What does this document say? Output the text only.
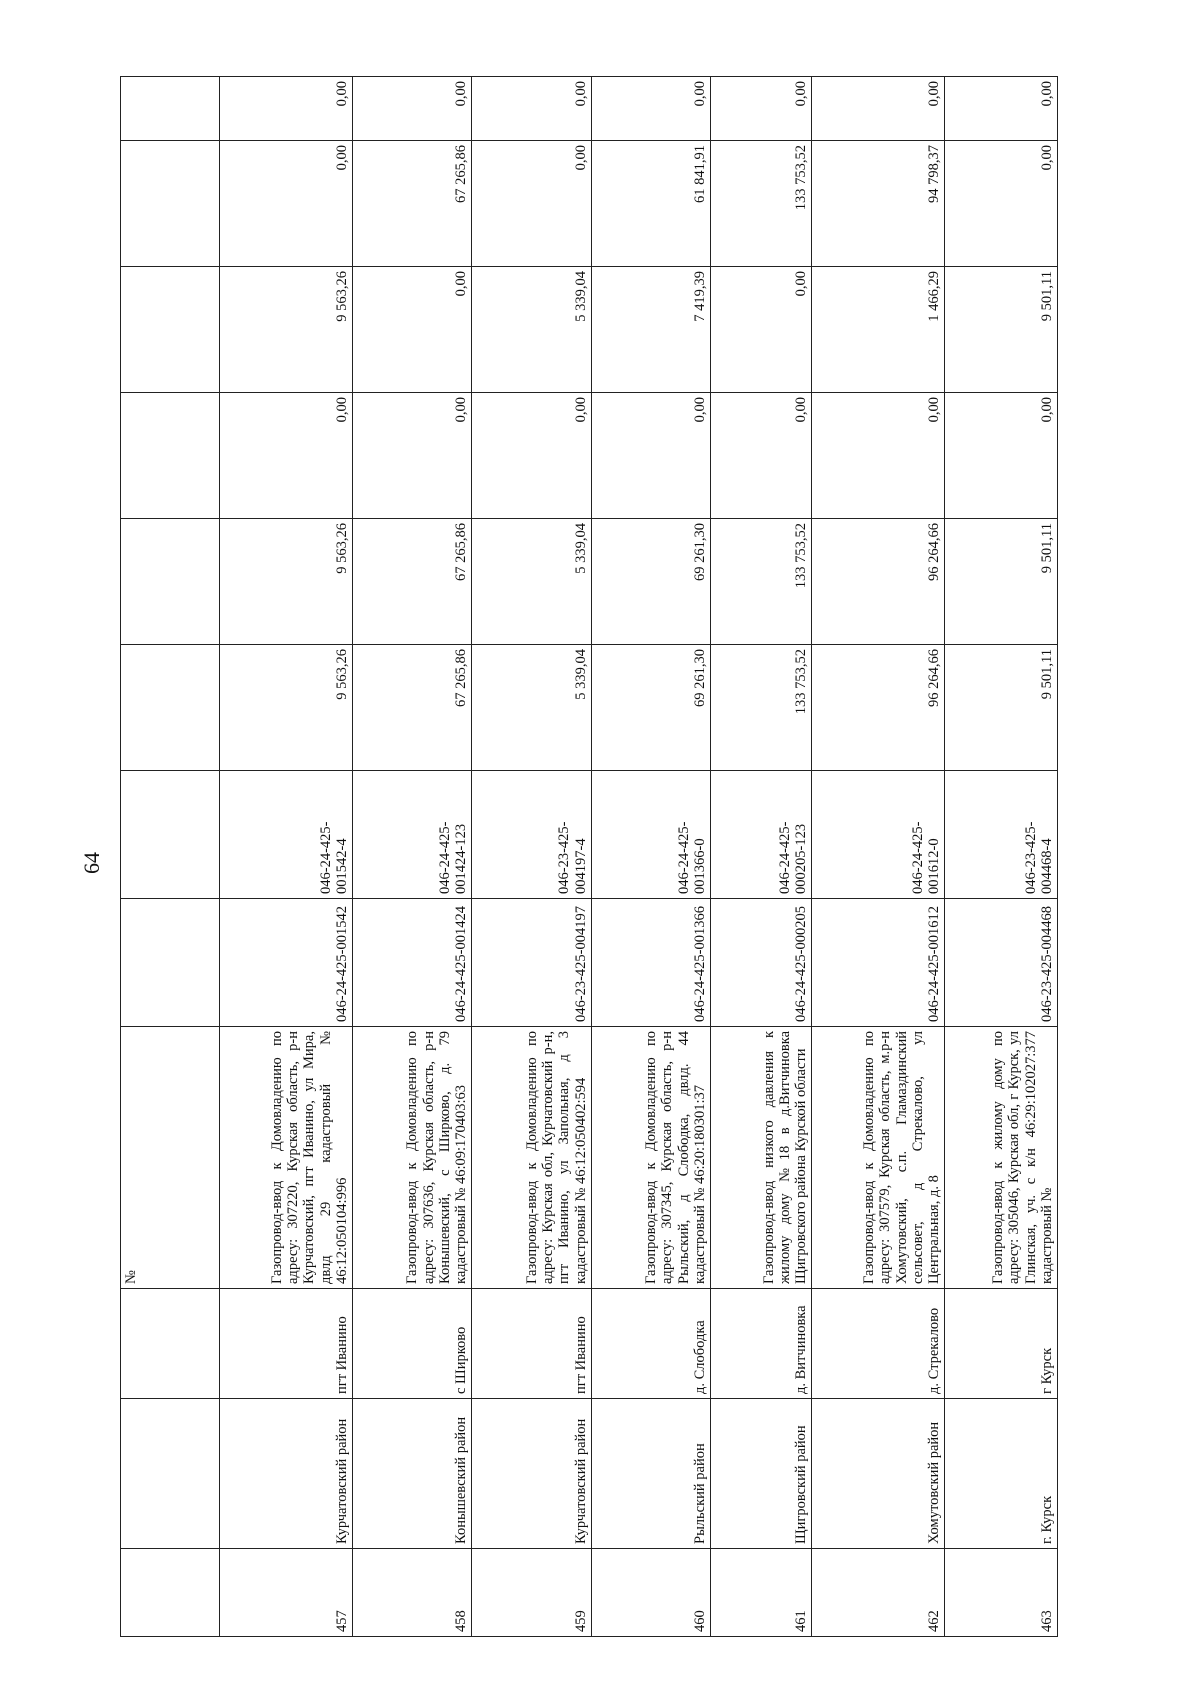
64
			№								
457	Курчатовский район	пгт Иванино	Газопровод-ввод к Домовладению по адресу: 307220, Курская область, р-н Курчатовский, пгт Иванино, ул Мира, двлд 29 кадастровый № 46:12:050104:996	046-24-425-001542	046-24-425-001542-4	9 563,26	9 563,26	0,00	9 563,26	0,00	0,00
458	Конышевский район	с Ширково	Газопровод-ввод к Домовладению по адресу: 307636, Курская область, р-н Конышевский, с Ширково, д. 79 кадастровый № 46:09:170403:63	046-24-425-001424	046-24-425-001424-123	67 265,86	67 265,86	0,00	0,00	67 265,86	0,00
459	Курчатовский район	пгт Иванино	Газопровод-ввод к Домовладению по адресу: Курская обл, Курчатовский р-н, пгт Иванино, ул Запольная, д 3 кадастровый № 46:12:050402:594	046-23-425-004197	046-23-425-004197-4	5 339,04	5 339,04	0,00	5 339,04	0,00	0,00
460	Рыльский район	д. Слободка	Газопровод-ввод к Домовладению по адресу: 307345, Курская область, р-н Рыльский, д Слободка, двлд. 44 кадастровый № 46:20:180301:37	046-24-425-001366	046-24-425-001366-0	69 261,30	69 261,30	0,00	7 419,39	61 841,91	0,00
461	Щигровский район	д. Витчиновка	Газопровод-ввод низкого давления к жилому дому №18 в д.Витчиновка Щигровского района Курской области	046-24-425-000205	046-24-425-000205-123	133 753,52	133 753,52	0,00	0,00	133 753,52	0,00
462	Хомутовский район	д. Стрекалово	Газопровод-ввод к Домовладению по адресу: 307579, Курская область, м.р-н Хомутовский, с.п. Гламаздинский сельсовет, д Стрекалово, ул Центральная, д. 8	046-24-425-001612	046-24-425-001612-0	96 264,66	96 264,66	0,00	1 466,29	94 798,37	0,00
463	г. Курск	г Курск	Газопровод-ввод к жилому дому по адресу: 305046, Курская обл, г Курск, ул Глинская, уч. с к/н 46:29:102027:377 кадастровый №	046-23-425-004468	046-23-425-004468-4	9 501,11	9 501,11	0,00	9 501,11	0,00	0,00
